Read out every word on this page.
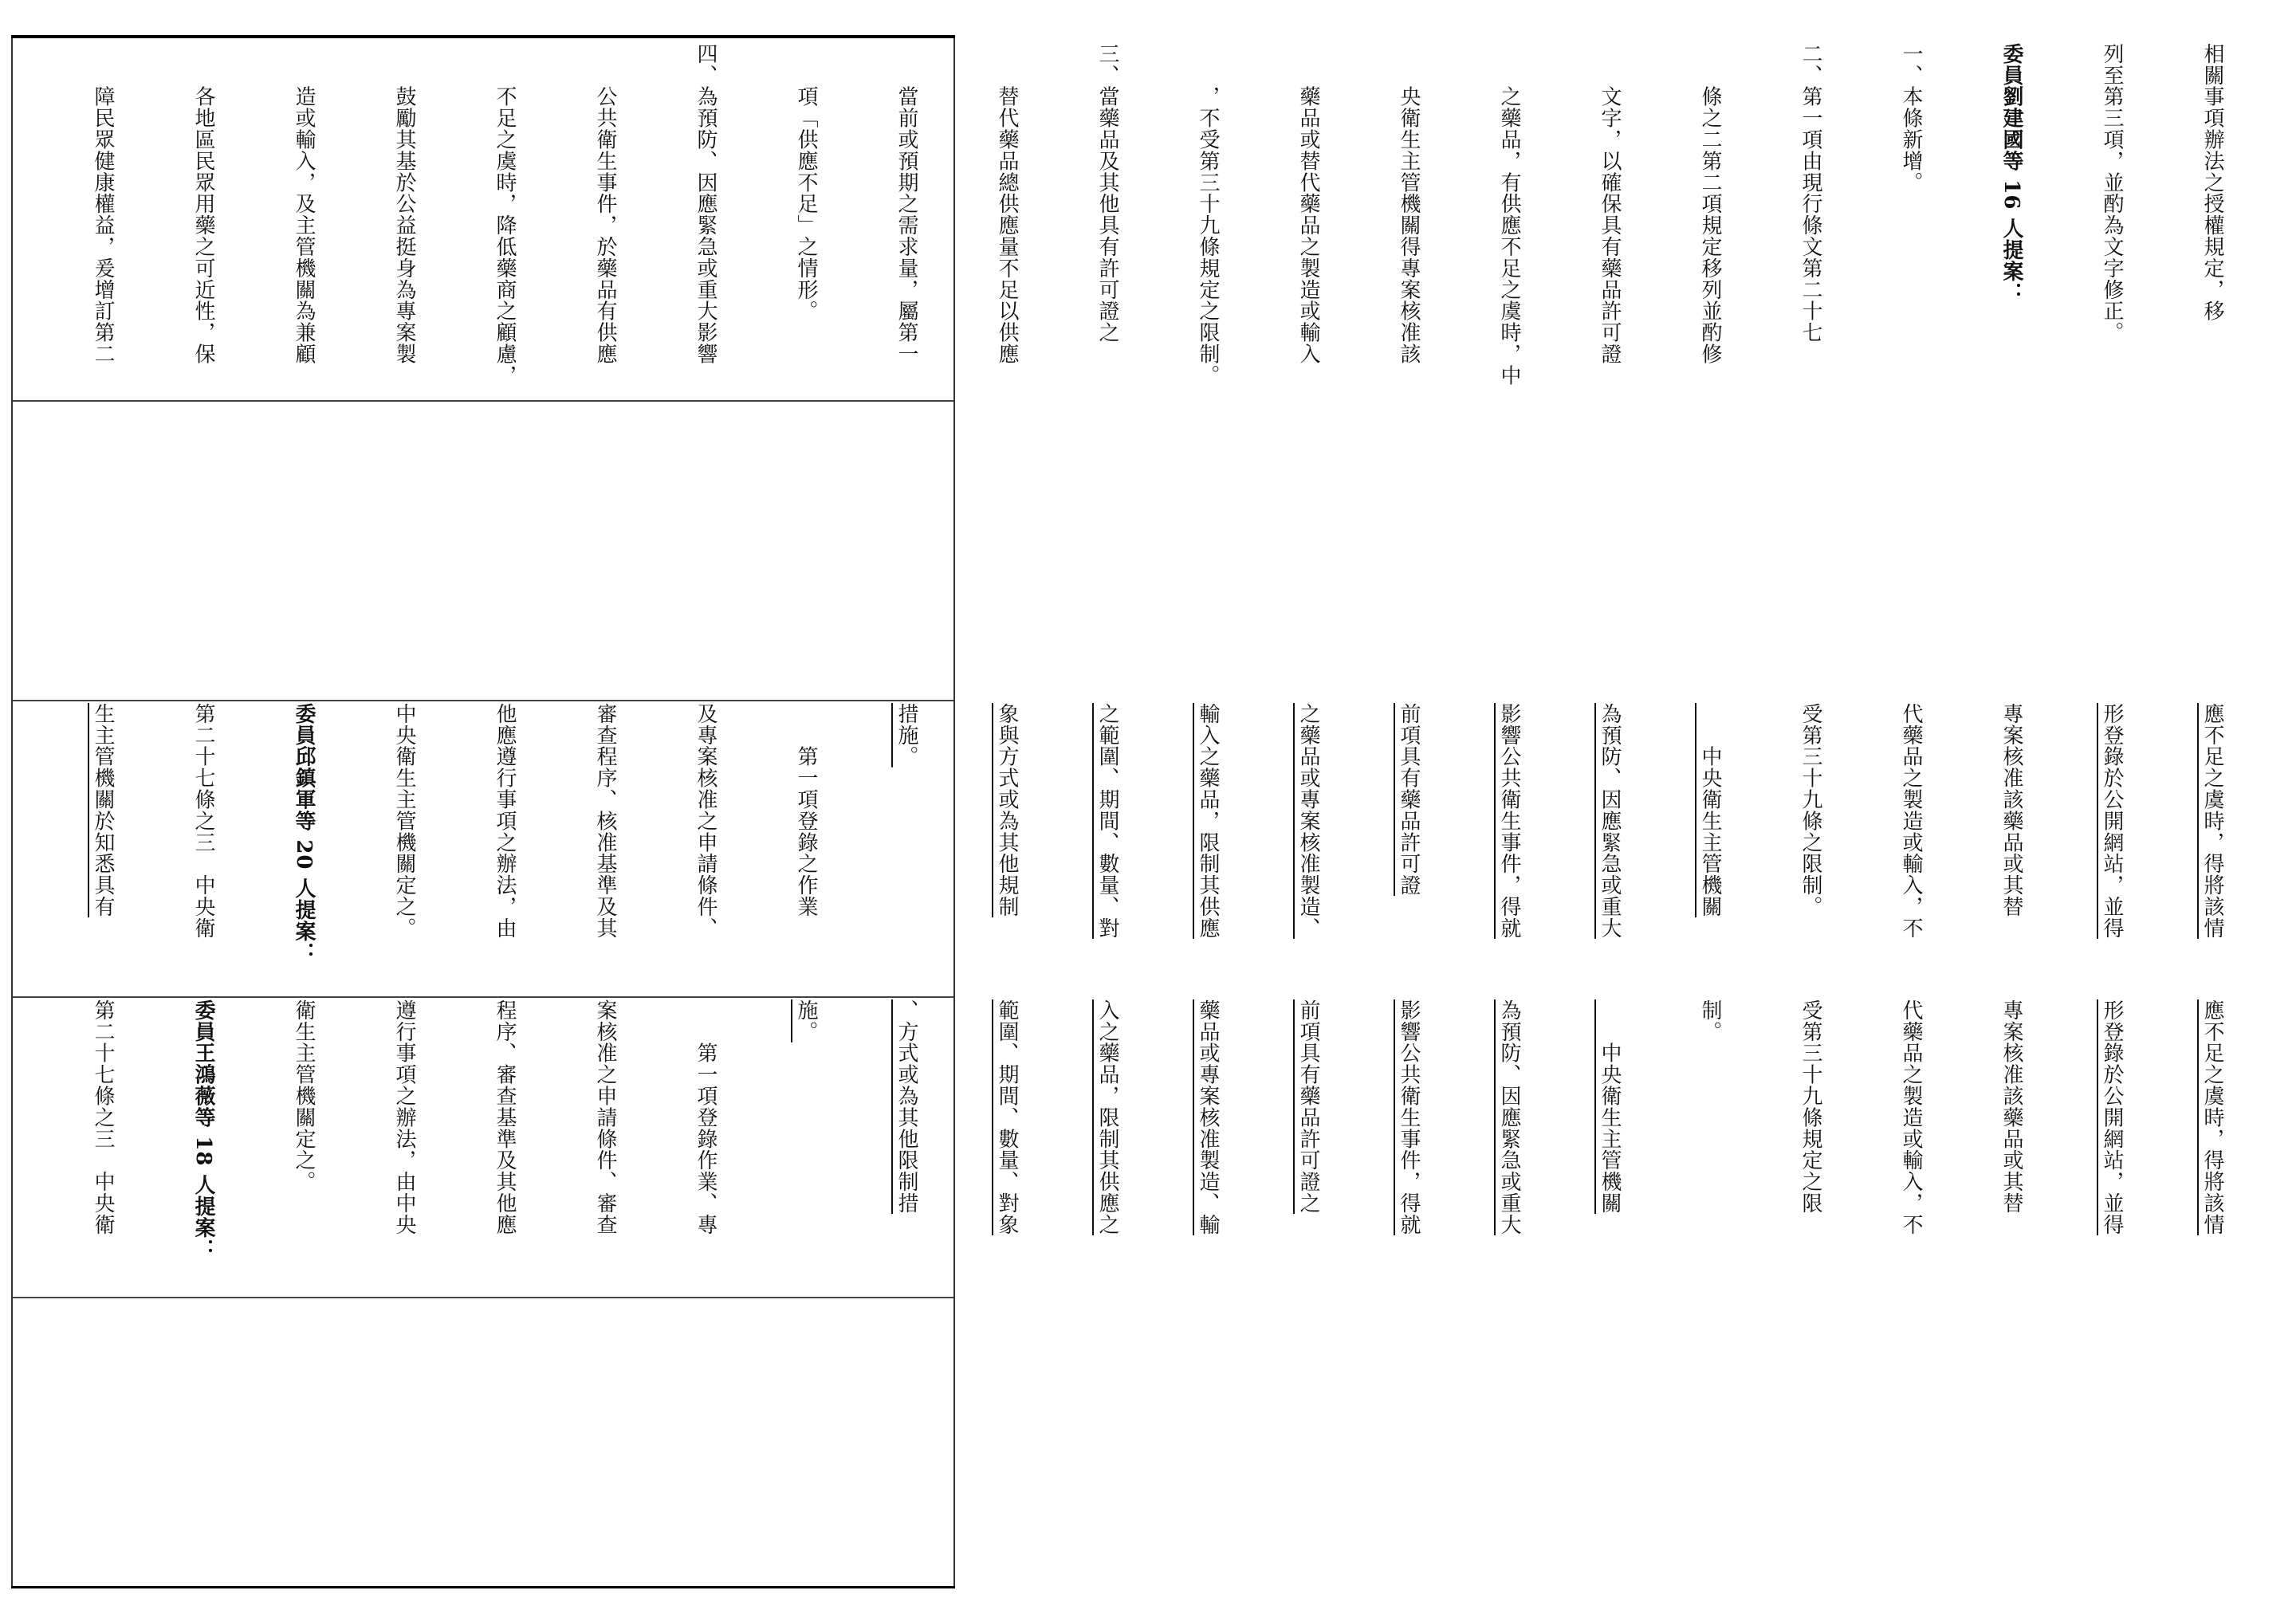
相關事項辦法之授權規定，移

列至第三項，並酌為文字修正。

委員劉建國等 16 人提案：

一、本條新增。

二、第一項由現行條文第二十七

　　條之二第二項規定移列並酌修

　　文字，以確保具有藥品許可證

　　之藥品，有供應不足之虞時，中

　　央衛生主管機關得專案核准該

　　藥品或替代藥品之製造或輸入

　　，不受第三十九條規定之限制。

三、當藥品及其他具有許可證之

　　替代藥品總供應量不足以供應

　　當前或預期之需求量，屬第一

　　項「供應不足」之情形。

四、為預防、因應緊急或重大影響

　　公共衛生事件，於藥品有供應

　　不足之虞時，降低藥商之顧慮，

　　鼓勵其基於公益挺身為專案製

　　造或輸入，及主管機關為兼顧

　　各地區民眾用藥之可近性，保

　　障民眾健康權益，爰增訂第二

應不足之虞時，得將該情

形登錄於公開網站，並得

專案核准該藥品或其替

代藥品之製造或輸入，不

受第三十九條之限制。

　　中央衛生主管機關

為預防、因應緊急或重大

影響公共衛生事件，得就

前項具有藥品許可證

之藥品或專案核准製造、

輸入之藥品，限制其供應

之範圍、期間、數量、對

象與方式或為其他規制

措施。

　　第一項登錄之作業

及專案核准之申請條件、

審查程序、核准基準及其

他應遵行事項之辦法，由

中央衛生主管機關定之。

委員邱鎮軍等 20 人提案：

第二十七條之三　中央衛

生主管機關於知悉具有

應不足之虞時，得將該情

形登錄於公開網站，並得

專案核准該藥品或其替

代藥品之製造或輸入，不

受第三十九條規定之限

制。

　　中央衛生主管機關

為預防、因應緊急或重大

影響公共衛生事件，得就

前項具有藥品許可證之

藥品或專案核准製造、輸

入之藥品，限制其供應之

範圍、期間、數量、對象

、方式或為其他限制措

施。

　　第一項登錄作業、專

案核准之申請條件、審查

程序、審查基準及其他應

遵行事項之辦法，由中央

衛生主管機關定之。

委員王鴻薇等 18 人提案：

第二十七條之三　中央衛
